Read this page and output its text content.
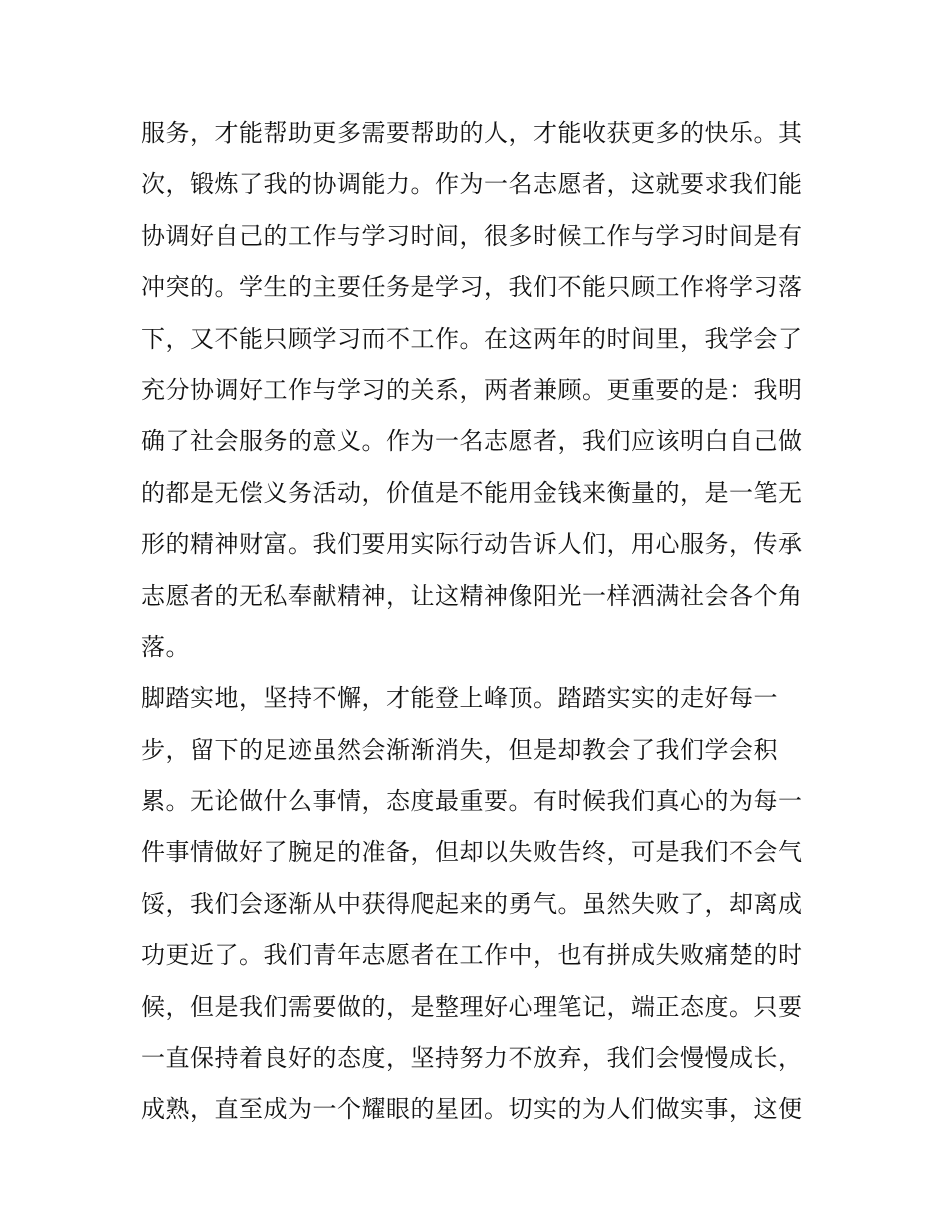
服务，才能帮助更多需要帮助的人，才能收获更多的快乐。其
次，锻炼了我的协调能力。作为一名志愿者，这就要求我们能
协调好自己的工作与学习时间，很多时候工作与学习时间是有
冲突的。学生的主要任务是学习，我们不能只顾工作将学习落
下，又不能只顾学习而不工作。在这两年的时间里，我学会了
充分协调好工作与学习的关系，两者兼顾。更重要的是：我明
确了社会服务的意义。作为一名志愿者，我们应该明白自己做
的都是无偿义务活动，价值是不能用金钱来衡量的，是一笔无
形的精神财富。我们要用实际行动告诉人们，用心服务，传承
志愿者的无私奉献精神，让这精神像阳光一样洒满社会各个角
落。
脚踏实地，坚持不懈，才能登上峰顶。踏踏实实的走好每一
步，留下的足迹虽然会渐渐消失，但是却教会了我们学会积
累。无论做什么事情，态度最重要。有时候我们真心的为每一
件事情做好了腕足的准备，但却以失败告终，可是我们不会气
馁，我们会逐渐从中获得爬起来的勇气。虽然失败了，却离成
功更近了。我们青年志愿者在工作中，也有拼成失败痛楚的时
候，但是我们需要做的，是整理好心理笔记，端正态度。只要
一直保持着良好的态度，坚持努力不放弃，我们会慢慢成长，
成熟，直至成为一个耀眼的星团。切实的为人们做实事，这便
